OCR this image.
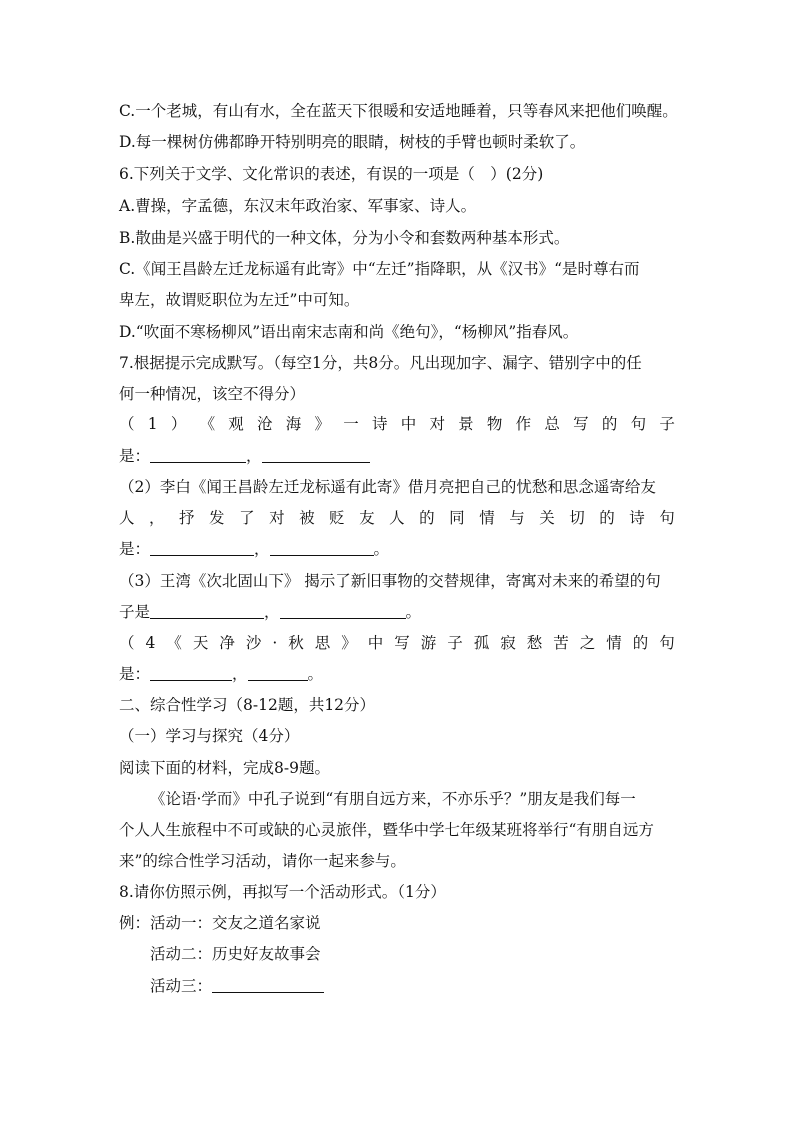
C.一个老城，有山有水，全在蓝天下很暖和安适地睡着，只等春风来把他们唤醒。
D.每一棵树仿佛都睁开特别明亮的眼睛，树枝的手臂也顿时柔软了。
6.下列关于文学、文化常识的表述，有误的一项是（　）(2分)
A.曹操，字孟德，东汉末年政治家、军事家、诗人。
B.散曲是兴盛于明代的一种文体，分为小令和套数两种基本形式。
C.《闻王昌龄左迁龙标遥有此寄》中“左迁”指降职，从《汉书》“是时尊右而
卑左，故谓贬职位为左迁”中可知。
D.“吹面不寒杨柳风”语出南宋志南和尚《绝句》，“杨柳风”指春风。
7.根据提示完成默写。（每空1分，共8分。凡出现加字、漏字、错别字中的任
何一种情况，该空不得分）
（ 1 ） 《 观 沧 海 》 一 诗 中 对 景 物 作 总 写 的 句 子
是：	，
（2）李白《闻王昌龄左迁龙标遥有此寄》借月亮把自己的忧愁和思念遥寄给友
人 ， 抒 发 了 对 被 贬 友 人 的 同 情 与 关 切 的 诗 句
是：	，	。
（3）王湾《次北固山下》 揭示了新旧事物的交替规律，寄寓对未来的希望的句
子是	，	。
（ 4 《 天 净 沙 · 秋 思 》 中 写 游 子 孤 寂 愁 苦 之 情 的 句
是：	，	。
二、综合性学习（8-12题，共12分）
（一）学习与探究（4分）
阅读下面的材料，完成8-9题。
《论语·学而》中孔子说到“有朋自远方来，不亦乐乎？”朋友是我们每一
个人人生旅程中不可或缺的心灵旅伴，暨华中学七年级某班将举行“有朋自远方
来”的综合性学习活动，请你一起来参与。
8.请你仿照示例，再拟写一个活动形式。（1分）
例：活动一：交友之道名家说
活动二：历史好友故事会
活动三：
